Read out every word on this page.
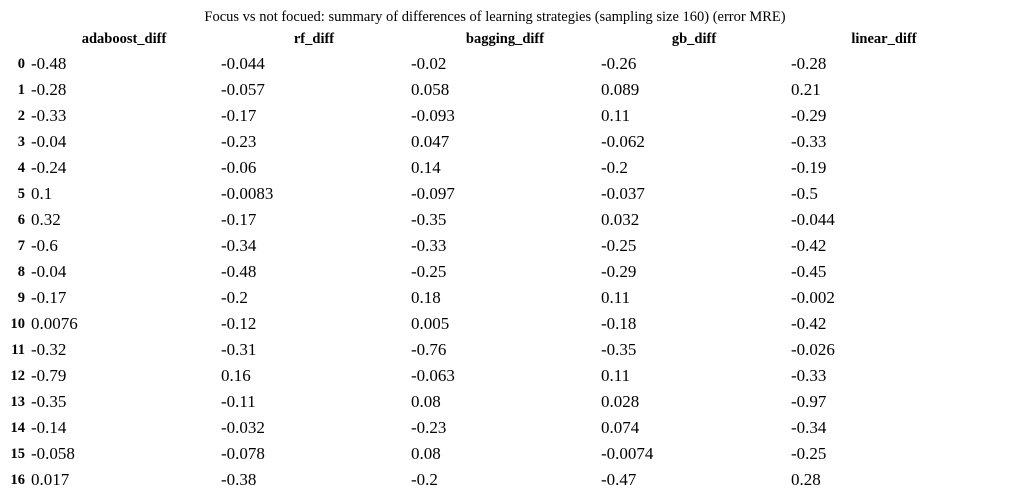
Focus vs not focued: summary of differences of learning strategies (sampling size 160) (error MRE)
adaboost_diff	rf_diff	bagging_diff	gb_diff	linear_diff
0 -0.48	-0.044	-0.02	-0.26	-0.28
1 -0.28	-0.057	0.058	0.089	0.21
2 -0.33	-0.17	-0.093	0.11	-0.29
3 -0.04	-0.23	0.047	-0.062	-0.33
4 -0.24	-0.06	0.14	-0.2	-0.19
5 0.1	-0.0083	-0.097	-0.037	-0.5
6 0.32	-0.17	-0.35	0.032	-0.044
7 -0.6	-0.34	-0.33	-0.25	-0.42
8 -0.04	-0.48	-0.25	-0.29	-0.45
9 -0.17	-0.2	0.18	0.11	-0.002
10 0.0076	-0.12	0.005	-0.18	-0.42
11 -0.32	-0.31	-0.76	-0.35	-0.026
12 -0.79	0.16	-0.063	0.11	-0.33
13 -0.35	-0.11	0.08	0.028	-0.97
14 -0.14	-0.032	-0.23	0.074	-0.34
15 -0.058	-0.078	0.08	-0.0074	-0.25
16 0.017	-0.38	-0.2	-0.47	0.28
